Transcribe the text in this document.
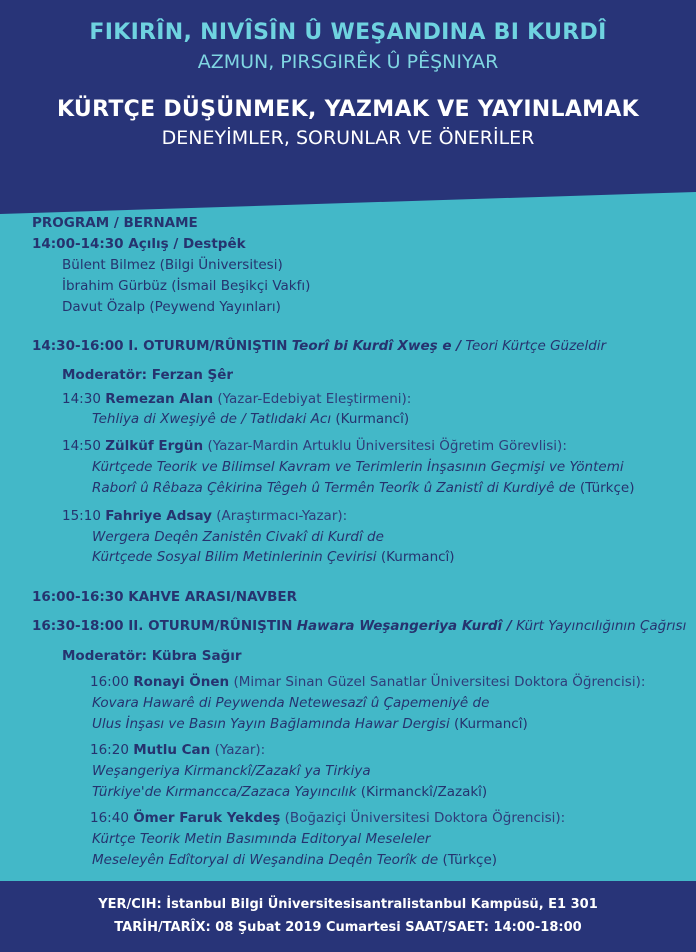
FIKIRÎN, NIVÎSÎN Û WEŞANDINA BI KURDÎ
AZMUN, PIRSGIRÊK Û PÊŞNIYAR
KÜRTÇE DÜŞÜNMEK, YAZMAK VE YAYINLAMAK
DENEYİMLER, SORUNLAR VE ÖNERİLER
PROGRAM / BERNAME
14:00-14:30 Açılış / Destpêk
Bülent Bilmez (Bilgi Üniversitesi)
İbrahim Gürbüz (İsmail Beşikçi Vakfı)
Davut Özalp (Peywend Yayınları)
14:30-16:00 I. OTURUM/RÛNIŞTIN Teorî bi Kurdî Xweş e / Teori Kürtçe Güzeldir
Moderatör: Ferzan Şêr
14:30 Remezan Alan (Yazar-Edebiyat Eleştirmeni):
Tehliya di Xweşiyê de / Tatlıdaki Acı (Kurmancî)
14:50 Zülküf Ergün (Yazar-Mardin Artuklu Üniversitesi Öğretim Görevlisi):
Kürtçede Teorik ve Bilimsel Kavram ve Terimlerin İnşasının Geçmişi ve Yöntemi
Raborî û Rêbaza Çêkirina Têgeh û Termên Teorîk û Zanistî di Kurdiyê de (Türkçe)
15:10 Fahriye Adsay (Araştırmacı-Yazar):
Wergera Deqên Zanistên Civakî di Kurdî de
Kürtçede Sosyal Bilim Metinlerinin Çevirisi (Kurmancî)
16:00-16:30 KAHVE ARASI/NAVBER
16:30-18:00 II. OTURUM/RÛNIŞTIN Hawara Weşangeriya Kurdî / Kürt Yayıncılığının Çağrısı
Moderatör: Kübra Sağır
16:00 Ronayi Önen (Mimar Sinan Güzel Sanatlar Üniversitesi Doktora Öğrencisi):
Kovara Hawarê di Peywenda Netewesazî û Çapemeniyê de
Ulus İnşası ve Basın Yayın Bağlamında Hawar Dergisi (Kurmancî)
16:20 Mutlu Can (Yazar):
Weşangeriya Kirmanckî/Zazakî ya Tirkiya
Türkiye'de Kırmancca/Zazaca Yayıncılık (Kirmanckî/Zazakî)
16:40 Ömer Faruk Yekdeş (Boğaziçi Üniversitesi Doktora Öğrencisi):
Kürtçe Teorik Metin Basımında Editoryal Meseleler
Meseleyên Edîtoryal di Weşandina Deqên Teorîk de (Türkçe)
YER/CIH: İstanbul Bilgi Üniversitesisantralistanbul Kampüsü, E1 301
TARİH/TARÎX: 08 Şubat 2019 Cumartesi SAAT/SAET: 14:00-18:00
